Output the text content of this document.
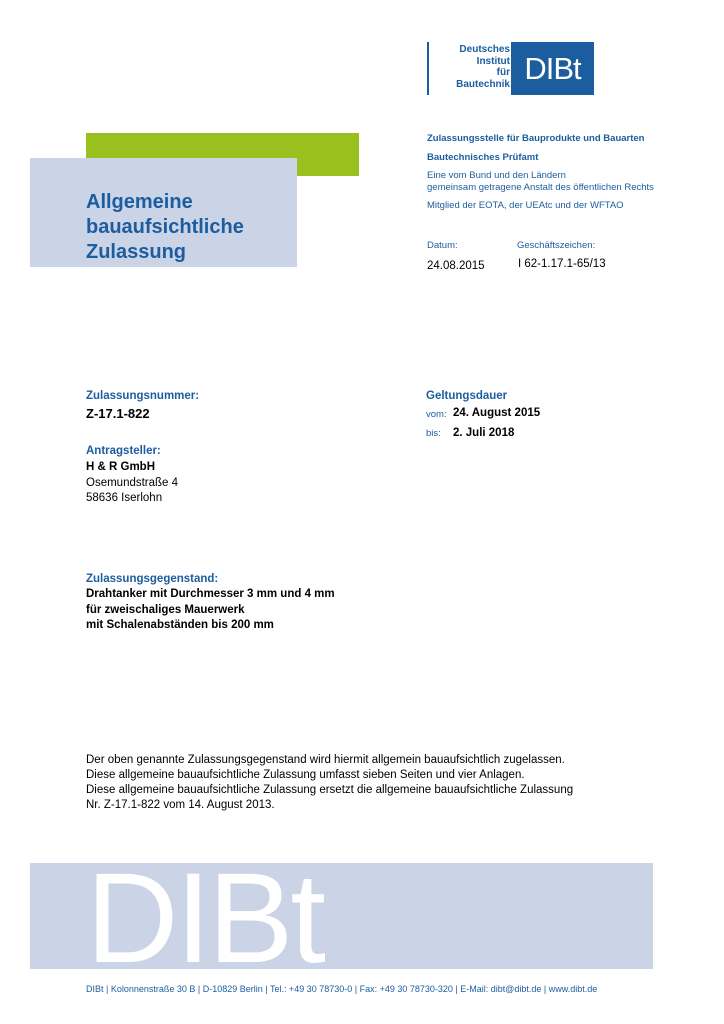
Deutsches
Institut
für
Bautechnik DIBt
Allgemeine
bauaufsichtliche
Zulassung
Zulassungsstelle für Bauprodukte und Bauarten
Bautechnisches Prüfamt
Eine vom Bund und den Ländern
gemeinsam getragene Anstalt des öffentlichen Rechts
Mitglied der EOTA, der UEAtc und der WFTAO
Datum:
24.08.2015
Geschäftszeichen:
I 62-1.17.1-65/13
Zulassungsnummer:
Z-17.1-822
Geltungsdauer
vom: 24. August 2015
bis: 2. Juli 2018
Antragsteller:
H & R GmbH
Osemundstraße 4
58636 Iserlohn
Zulassungsgegenstand:
Drahtanker mit Durchmesser 3 mm und 4 mm
für zweischaliges Mauerwerk
mit Schalenabständen bis 200 mm
Der oben genannte Zulassungsgegenstand wird hiermit allgemein bauaufsichtlich zugelassen.
Diese allgemeine bauaufsichtliche Zulassung umfasst sieben Seiten und vier Anlagen.
Diese allgemeine bauaufsichtliche Zulassung ersetzt die allgemeine bauaufsichtliche Zulassung
Nr. Z-17.1-822 vom 14. August 2013.
DIBt
DIBt | Kolonnenstraße 30 B | D-10829 Berlin | Tel.: +49 30 78730-0 | Fax: +49 30 78730-320 | E-Mail: dibt@dibt.de | www.dibt.de
